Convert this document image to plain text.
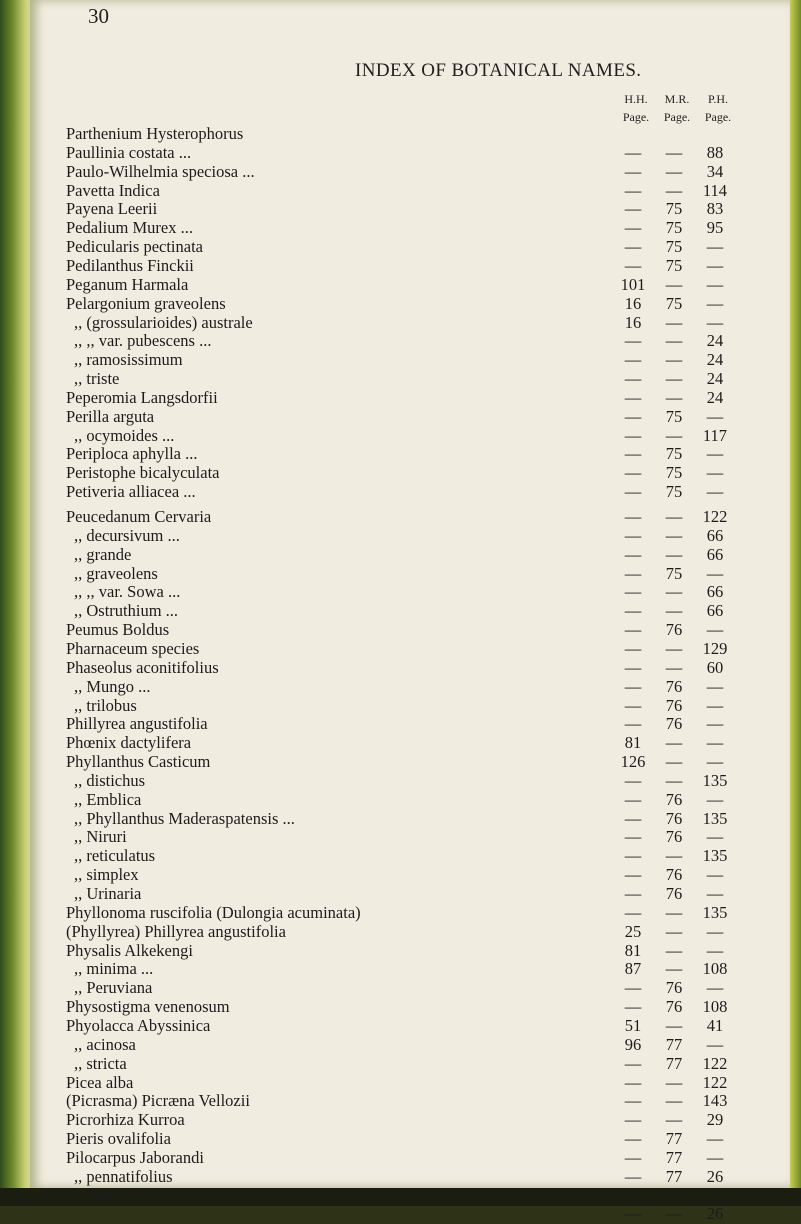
30
INDEX OF BOTANICAL NAMES.
H.H.	M.R.	P.H.
Page.	Page.	Page.
Parthenium Hysterophorus
Paullinia costata ...	—	—	88
Paulo-Wilhelmia speciosa ...	—	—	34
Pavetta Indica	—	—	114
Payena Leerii	—	75	83
Pedalium Murex ...	—	75	95
Pedicularis pectinata	—	75	—
Pedilanthus Finckii	—	75	—
Peganum Harmala	101	—	—
Pelargonium graveolens	16	75	—
,, (grossularioides) australe	16	—	—
,, ,, var. pubescens ...	—	—	24
,, ramosissimum	—	—	24
,, triste	—	—	24
Peperomia Langsdorfii	—	—	24
Perilla arguta	—	75	—
,, ocymoides ...	—	—	117
Periploca aphylla ...	—	75	—
Peristophe bicalyculata	—	75	—
Petiveria alliacea ...	—	75	—
Peucedanum Cervaria	—	—	122
,, decursivum ...	—	—	66
,, grande	—	—	66
,, graveolens	—	75	—
,, ,, var. Sowa ...	—	—	66
,, Ostruthium ...	—	—	66
Peumus Boldus	—	76	—
Pharnaceum species	—	—	129
Phaseolus aconitifolius	—	—	60
,, Mungo ...	—	76	—
,, trilobus	—	76	—
Phillyrea angustifolia	—	76	—
Phœnix dactylifera	81	—	—
Phyllanthus Casticum	126	—	—
,, distichus	—	—	135
,, Emblica	—	76	—
,, Phyllanthus Maderaspatensis ...	—	76	135
,, Niruri	—	76	—
,, reticulatus	—	—	135
,, simplex	—	76	—
,, Urinaria	—	76	—
Phyllonoma ruscifolia (Dulongia acuminata)	—	—	135
(Phyllyrea) Phillyrea angustifolia	25	—	—
Physalis Alkekengi	81	—	—
,, minima ...	87	—	108
,, Peruviana	—	76	—
Physostigma venenosum	—	76	108
Phyolacca Abyssinica	51	—	41
,, acinosa	96	77	—
,, stricta	—	77	122
Picea alba	—	—	122
(Picrasma) Picræna Vellozii	—	—	143
Picrorhiza Kurroa	—	—	29
Pieris ovalifolia	—	77	—
Pilocarpus Jaborandi	—	77	—
,, pennatifolius	—	77	26
,, species	—	77	27
—	—	26
